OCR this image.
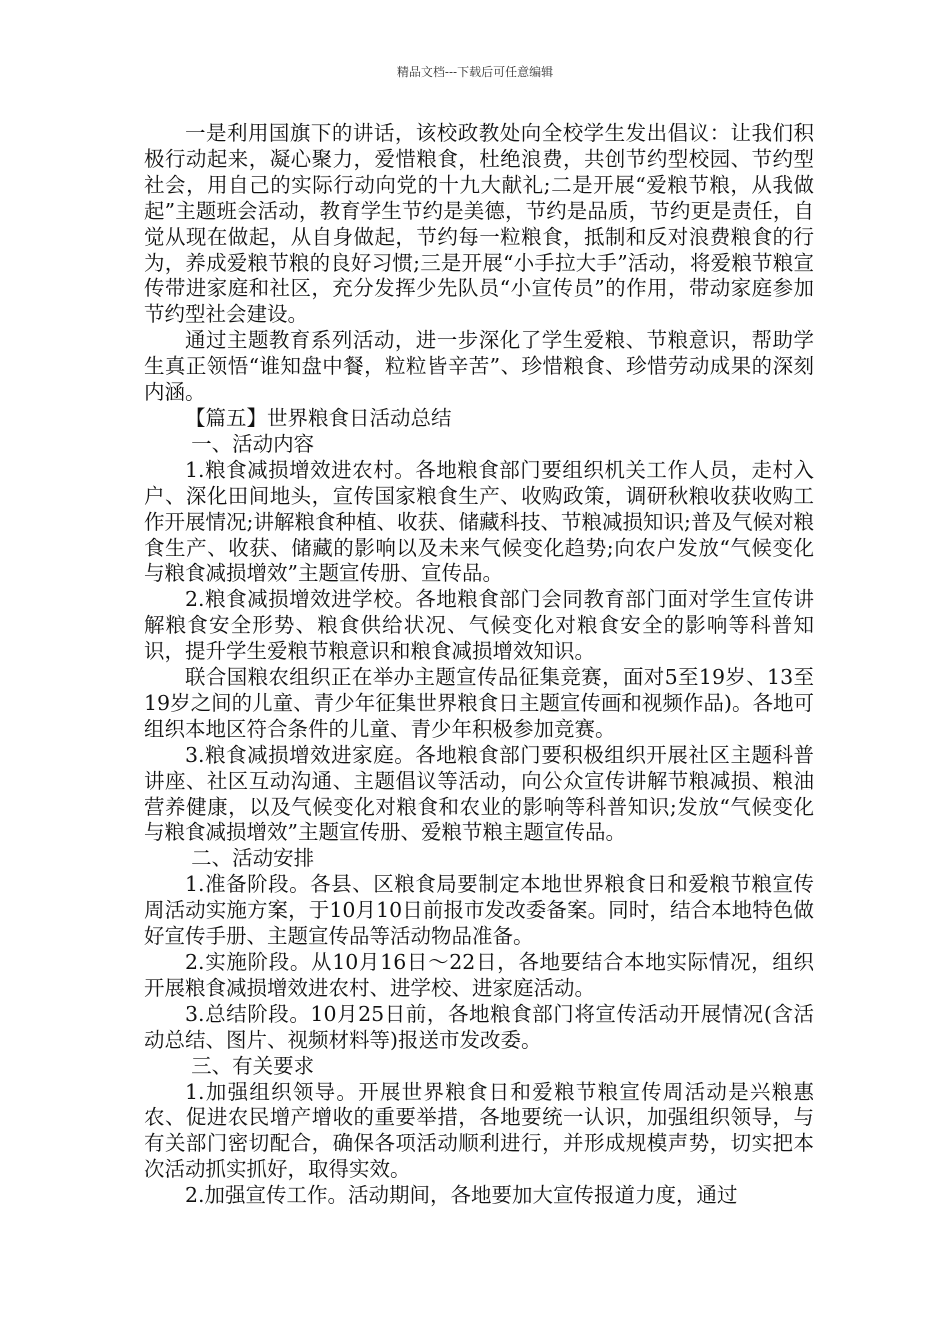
精品文档---下载后可任意编辑

一是利用国旗下的讲话，该校政教处向全校学生发出倡议：让我们积极行动起来，凝心聚力，爱惜粮食，杜绝浪费，共创节约型校园、节约型社会，用自己的实际行动向党的十九大献礼;二是开展“爱粮节粮，从我做起”主题班会活动，教育学生节约是美德，节约是品质，节约更是责任，自觉从现在做起，从自身做起，节约每一粒粮食，抵制和反对浪费粮食的行为，养成爱粮节粮的良好习惯;三是开展“小手拉大手”活动，将爱粮节粮宣传带进家庭和社区，充分发挥少先队员“小宣传员”的作用，带动家庭参加节约型社会建设。

通过主题教育系列活动，进一步深化了学生爱粮、节粮意识，帮助学生真正领悟“谁知盘中餐，粒粒皆辛苦”、珍惜粮食、珍惜劳动成果的深刻内涵。

【篇五】世界粮食日活动总结

一、活动内容

1.粮食减损增效进农村。各地粮食部门要组织机关工作人员，走村入户、深化田间地头，宣传国家粮食生产、收购政策，调研秋粮收获收购工作开展情况;讲解粮食种植、收获、储藏科技、节粮减损知识;普及气候对粮食生产、收获、储藏的影响以及未来气候变化趋势;向农户发放“气候变化与粮食减损增效”主题宣传册、宣传品。

2.粮食减损增效进学校。各地粮食部门会同教育部门面对学生宣传讲解粮食安全形势、粮食供给状况、气候变化对粮食安全的影响等科普知识，提升学生爱粮节粮意识和粮食减损增效知识。

联合国粮农组织正在举办主题宣传品征集竞赛，面对5至19岁、13至19岁之间的儿童、青少年征集世界粮食日主题宣传画和视频作品)。各地可组织本地区符合条件的儿童、青少年积极参加竞赛。

3.粮食减损增效进家庭。各地粮食部门要积极组织开展社区主题科普讲座、社区互动沟通、主题倡议等活动，向公众宣传讲解节粮减损、粮油营养健康，以及气候变化对粮食和农业的影响等科普知识;发放“气候变化与粮食减损增效”主题宣传册、爱粮节粮主题宣传品。

二、活动安排

1.准备阶段。各县、区粮食局要制定本地世界粮食日和爱粮节粮宣传周活动实施方案，于10月10日前报市发改委备案。同时，结合本地特色做好宣传手册、主题宣传品等活动物品准备。

2.实施阶段。从10月16日～22日，各地要结合本地实际情况，组织开展粮食减损增效进农村、进学校、进家庭活动。

3.总结阶段。10月25日前，各地粮食部门将宣传活动开展情况(含活动总结、图片、视频材料等)报送市发改委。

三、有关要求

1.加强组织领导。开展世界粮食日和爱粮节粮宣传周活动是兴粮惠农、促进农民增产增收的重要举措，各地要统一认识，加强组织领导，与有关部门密切配合，确保各项活动顺利进行，并形成规模声势，切实把本次活动抓实抓好，取得实效。

2.加强宣传工作。活动期间，各地要加大宣传报道力度，通过
